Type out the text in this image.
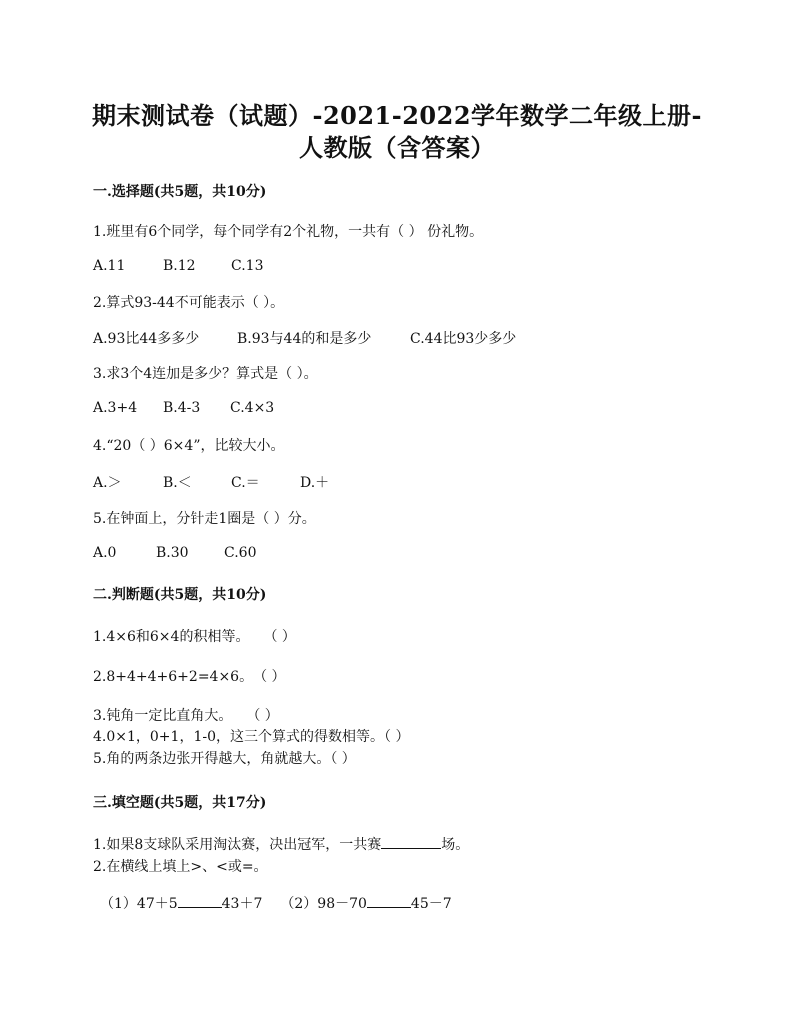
期末测试卷（试题）-2021-2022学年数学二年级上册-
人教版（含答案）
一.选择题(共5题，共10分)
1.班里有6个同学，每个同学有2个礼物，一共有（ ） 份礼物。
A.11	B.12	C.13
2.算式93-44不可能表示（ ）。
A.93比44多多少	B.93与44的和是多少	C.44比93少多少
3.求3个4连加是多少？算式是（ ）。
A.3+4 B.4-3 C.4×3
4.“20（ ）6×4”，比较大小。
A.＞	B.＜	C.＝	D.＋
5.在钟面上，分针走1圈是（ ）分。
A.0	B.30	C.60
二.判断题(共5题，共10分)
1.4×6和6×4的积相等。　　（ ）
2.8+4+4+6+2=4×6。　（ ）
3.钝角一定比直角大。　　（ ）
4.0×1，0+1，1-0，这三个算式的得数相等。（ ）
5.角的两条边张开得越大，角就越大。（ ）
三.填空题(共5题，共17分)
1.如果8支球队采用淘汰赛，决出冠军，一共赛	场。
2.在横线上填上>、<或=。
（1）47＋5	43＋7 （2）98－70	45－7
